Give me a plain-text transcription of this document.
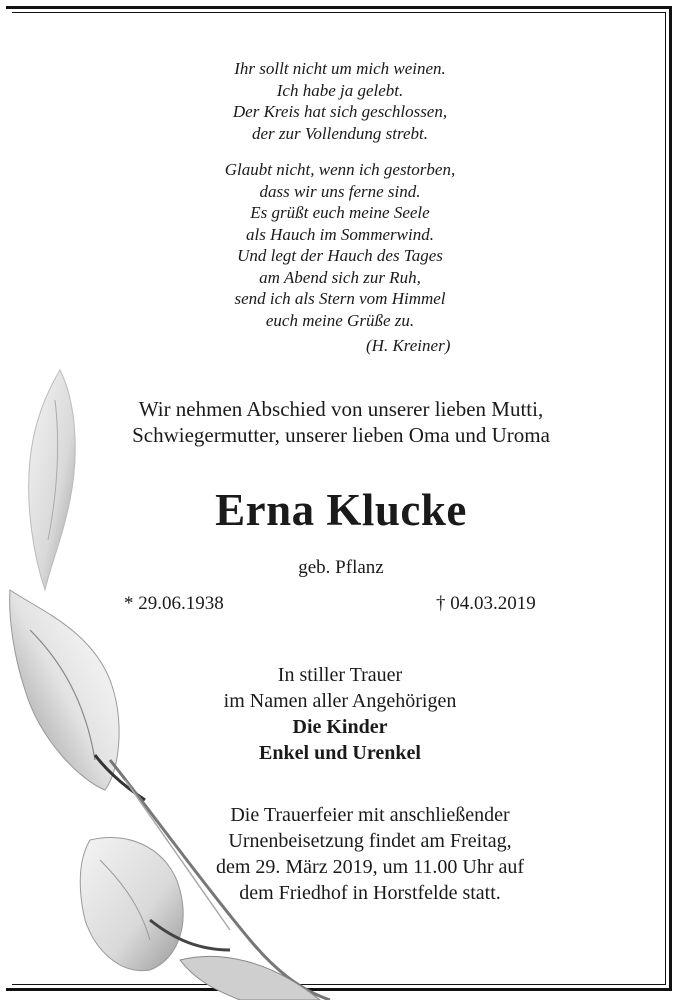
Ihr sollt nicht um mich weinen.
Ich habe ja gelebt.
Der Kreis hat sich geschlossen,
der zur Vollendung strebt.
Glaubt nicht, wenn ich gestorben,
dass wir uns ferne sind.
Es grüßt euch meine Seele
als Hauch im Sommerwind.
Und legt der Hauch des Tages
am Abend sich zur Ruh,
send ich als Stern vom Himmel
euch meine Grüße zu.
(H. Kreiner)
Wir nehmen Abschied von unserer lieben Mutti,
Schwiegermutter, unserer lieben Oma und Uroma
Erna Klucke
geb. Pflanz
* 29.06.1938	† 04.03.2019
In stiller Trauer
im Namen aller Angehörigen
Die Kinder
Enkel und Urenkel
Die Trauerfeier mit anschließender
Urnenbeisetzung findet am Freitag,
dem 29. März 2019, um 11.00 Uhr auf
dem Friedhof in Horstfelde statt.
